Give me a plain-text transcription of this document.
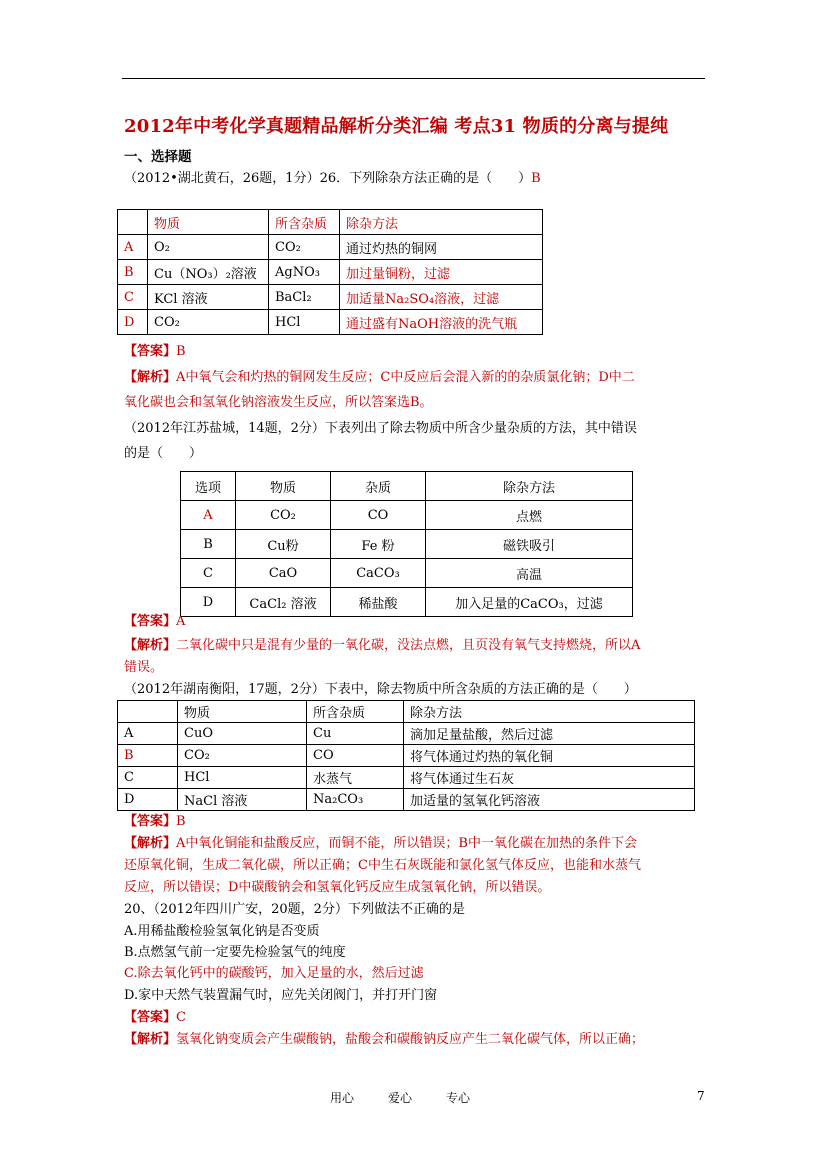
2012年中考化学真题精品解析分类汇编 考点31 物质的分离与提纯
一、选择题
（2012•湖北黄石，26题，1分）26．下列除杂方法正确的是（　　）B
	物质	所含杂质	除杂方法
A	O₂	CO₂	通过灼热的铜网
B	Cu（NO₃）₂溶液	AgNO₃	加过量铜粉，过滤
C	KCl 溶液	BaCl₂	加适量Na₂SO₄溶液，过滤
D	CO₂	HCl	通过盛有NaOH溶液的洗气瓶
【答案】B
【解析】A中氧气会和灼热的铜网发生反应；C中反应后会混入新的的杂质氯化钠；D中二
氧化碳也会和氢氧化钠溶液发生反应，所以答案选B。
（2012年江苏盐城，14题，2分）下表列出了除去物质中所含少量杂质的方法，其中错误
的是（　　）
选项	物质	杂质	除杂方法
A	CO₂	CO	点燃
B	Cu粉	Fe 粉	磁铁吸引
C	CaO	CaCO₃	高温
D	CaCl₂ 溶液	稀盐酸	加入足量的CaCO₃，过滤
【答案】A
【解析】二氧化碳中只是混有少量的一氧化碳，没法点燃，且页没有氧气支持燃烧，所以A
错误。
（2012年湖南衡阳，17题，2分）下表中，除去物质中所含杂质的方法正确的是（　　）
	物质	所含杂质	除杂方法
A	CuO	Cu	滴加足量盐酸，然后过滤
B	CO₂	CO	将气体通过灼热的氧化铜
C	HCl	水蒸气	将气体通过生石灰
D	NaCl 溶液	Na₂CO₃	加适量的氢氧化钙溶液
【答案】B
【解析】A中氧化铜能和盐酸反应，而铜不能，所以错误；B中一氧化碳在加热的条件下会
还原氧化铜，生成二氧化碳，所以正确；C中生石灰既能和氯化氢气体反应，也能和水蒸气
反应，所以错误；D中碳酸钠会和氢氧化钙反应生成氢氧化钠，所以错误。
20、（2012年四川广安，20题，2分）下列做法不正确的是
A.用稀盐酸检验氢氧化钠是否变质
B.点燃氢气前一定要先检验氢气的纯度
C.除去氧化钙中的碳酸钙，加入足量的水，然后过滤
D.家中天然气装置漏气时，应先关闭阀门，并打开门窗
【答案】C
【解析】氢氧化钠变质会产生碳酸钠，盐酸会和碳酸钠反应产生二氧化碳气体，所以正确；
用心	爱心	专心	7
